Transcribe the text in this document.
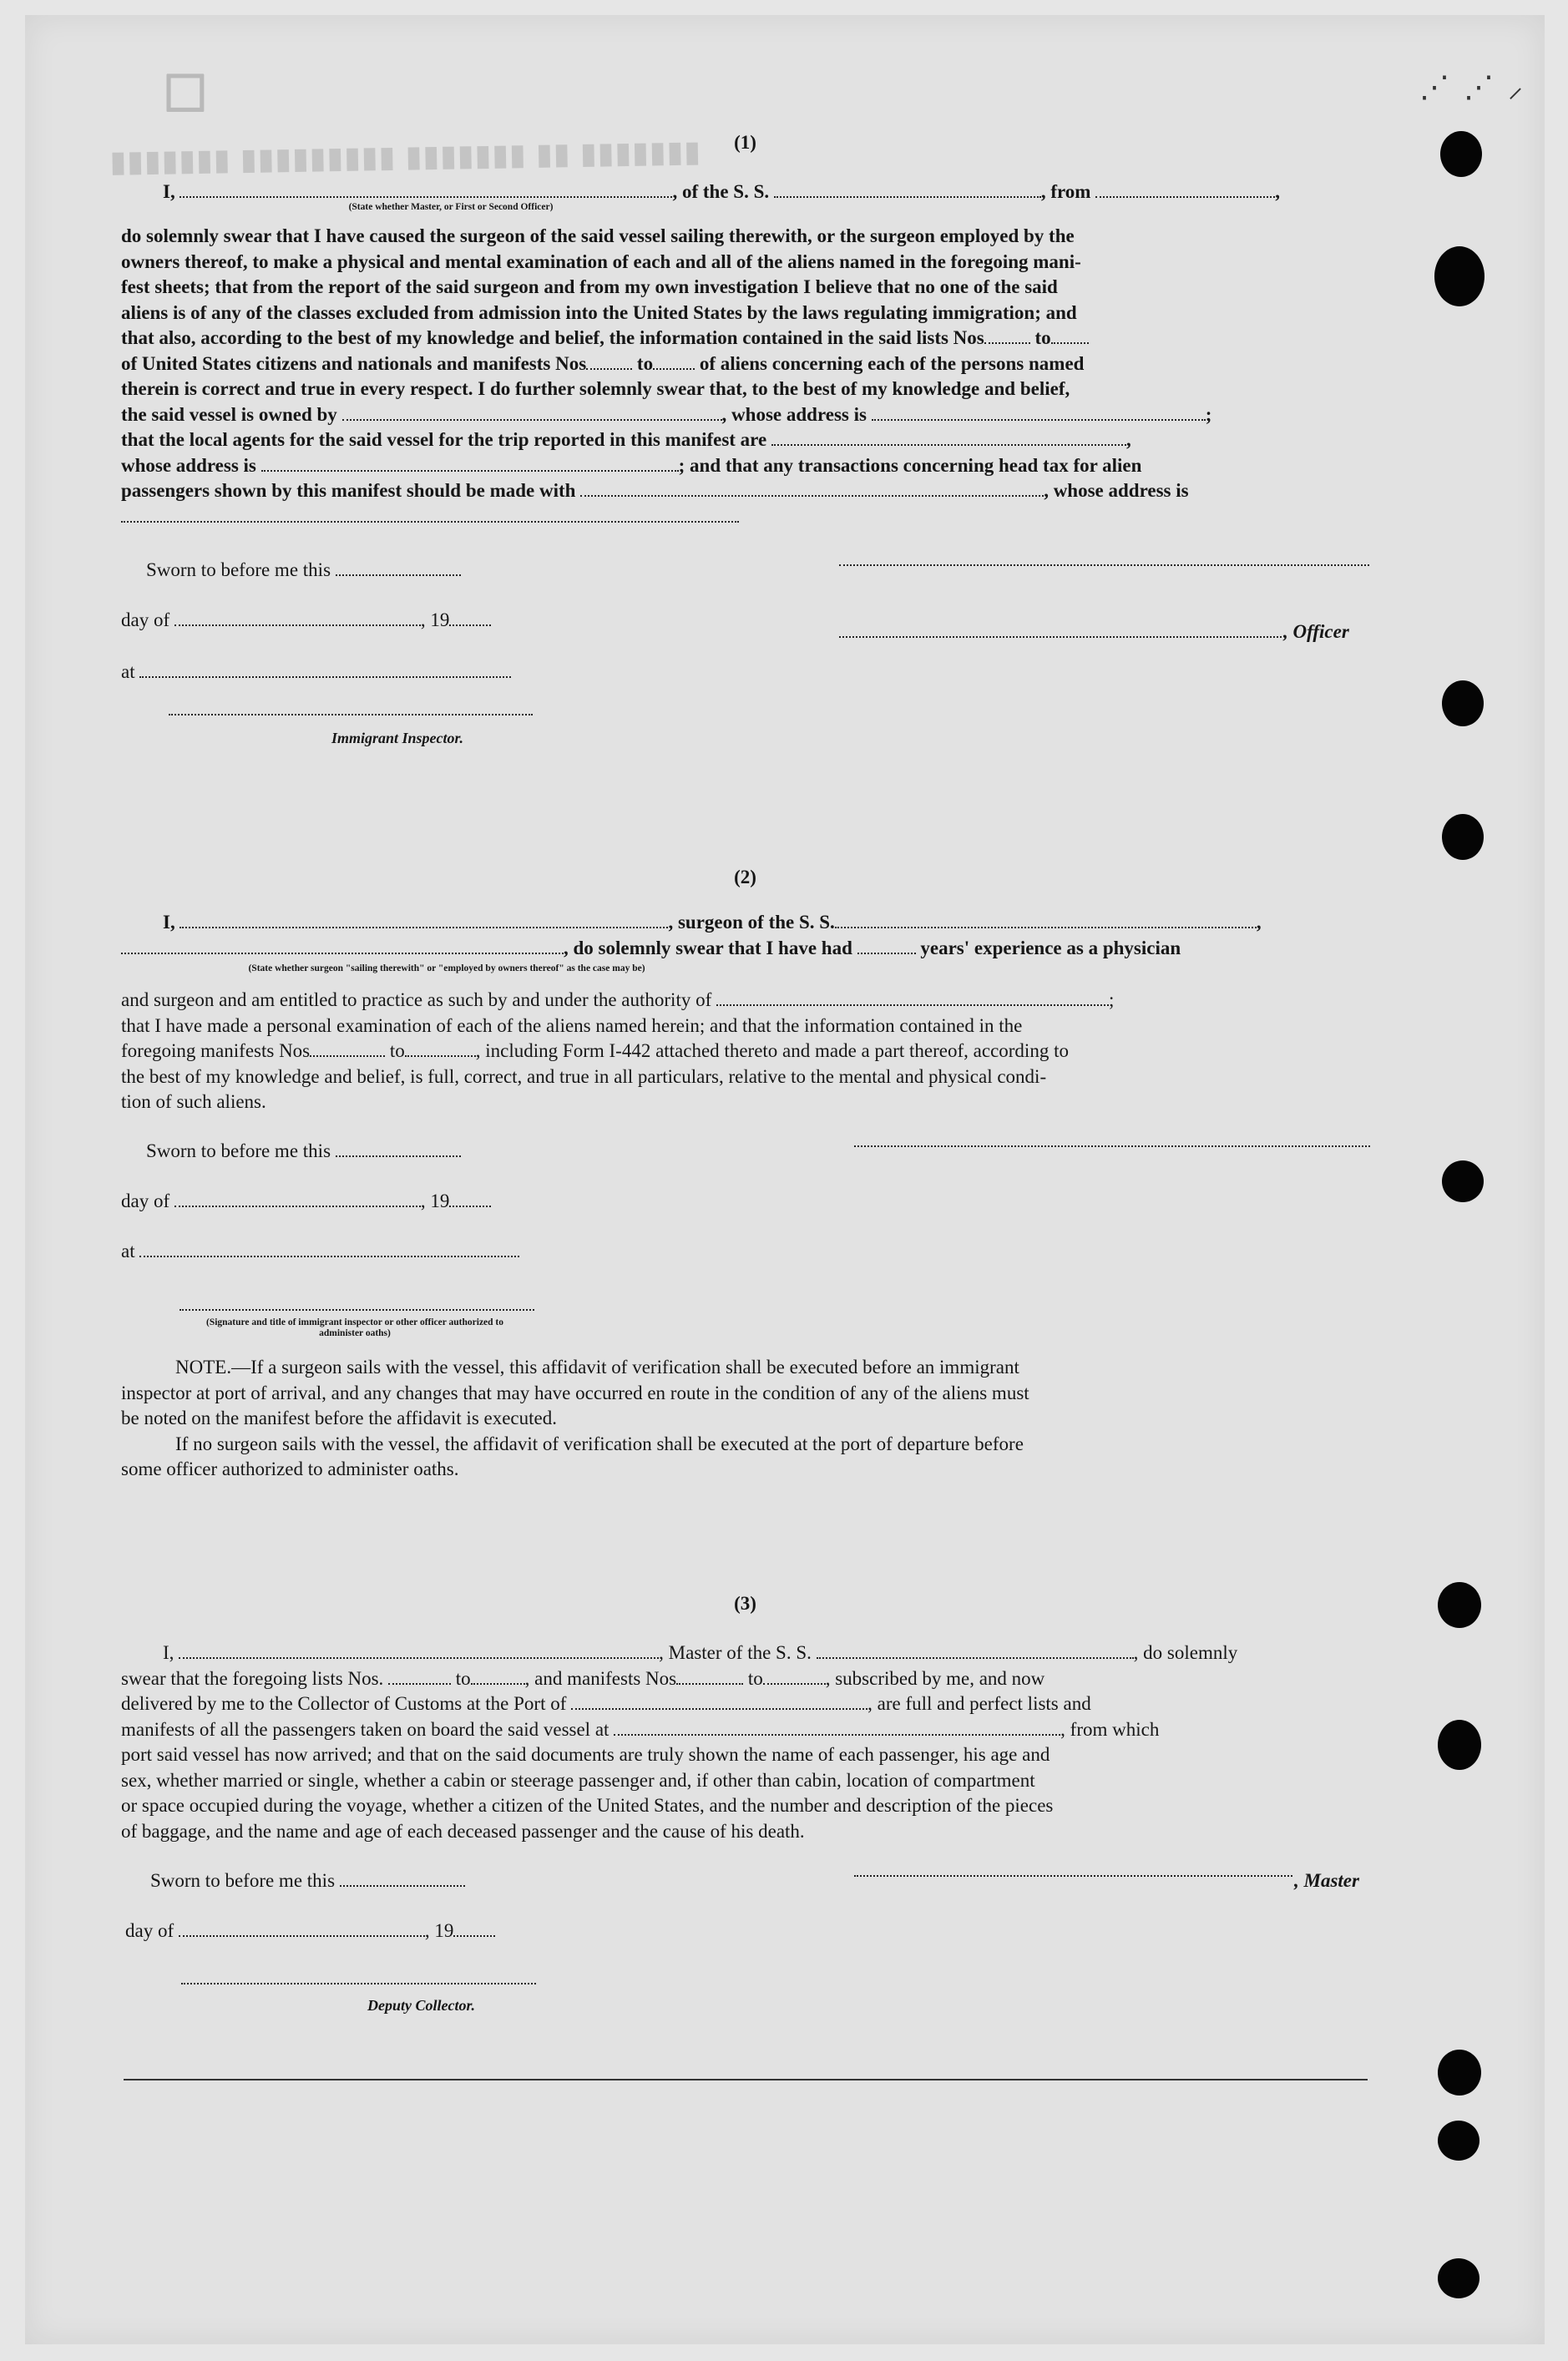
☐
▮▮▮▮▮▮▮ ▮▮ ▮▮▮▮▮▮▮ ▮▮▮▮▮▮▮▮▮ ▮▮▮▮▮▮▮
⋰ ⋰ ⸝
(1)
I,	, of the S. S.	, from	,
(State whether Master, or First or Second Officer)
do solemnly swear that I have caused the surgeon of the said vessel sailing therewith, or the surgeon employed by the
owners thereof, to make a physical and mental examination of each and all of the aliens named in the foregoing mani-
fest sheets; that from the report of the said surgeon and from my own investigation I believe that no one of the said
aliens is of any of the classes excluded from admission into the United States by the laws regulating immigration; and
that also, according to the best of my knowledge and belief, the information contained in the said lists Nos	to
of United States citizens and nationals and manifests Nos	to of aliens concerning each of the persons named
therein is correct and true in every respect. I do further solemnly swear that, to the best of my knowledge and belief,
the said vessel is owned by	, whose address is	;
that the local agents for the said vessel for the trip reported in this manifest are	,
whose address is	; and that any transactions concerning head tax for alien
passengers shown by this manifest should be made with	, whose address is
Sworn to before me this
day of	, 19
, Officer
at
Immigrant Inspector.
(2)
I,	, surgeon of the S. S.	,
, do solemnly swear that I have had	years' experience as a physician
(State whether surgeon "sailing therewith" or "employed by owners thereof" as the case may be)
and surgeon and am entitled to practice as such by and under the authority of	;
that I have made a personal examination of each of the aliens named herein; and that the information contained in the
foregoing manifests Nos	to	, including Form I-442 attached thereto and made a part thereof, according to
the best of my knowledge and belief, is full, correct, and true in all particulars, relative to the mental and physical condi-
tion of such aliens.
Sworn to before me this
day of	, 19
at
(Signature and title of immigrant inspector or other officer authorized to administer oaths)
NOTE.—If a surgeon sails with the vessel, this affidavit of verification shall be executed before an immigrant
inspector at port of arrival, and any changes that may have occurred en route in the condition of any of the aliens must
be noted on the manifest before the affidavit is executed.
If no surgeon sails with the vessel, the affidavit of verification shall be executed at the port of departure before
some officer authorized to administer oaths.
(3)
I,	, Master of the S. S.	, do solemnly
swear that the foregoing lists Nos.	to	, and manifests Nos	to	, subscribed by me, and now
delivered by me to the Collector of Customs at the Port of	, are full and perfect lists and
manifests of all the passengers taken on board the said vessel at	, from which
port said vessel has now arrived; and that on the said documents are truly shown the name of each passenger, his age and
sex, whether married or single, whether a cabin or steerage passenger and, if other than cabin, location of compartment
or space occupied during the voyage, whether a citizen of the United States, and the number and description of the pieces
of baggage, and the name and age of each deceased passenger and the cause of his death.
Sworn to before me this	, Master
day of	, 19
Deputy Collector.
